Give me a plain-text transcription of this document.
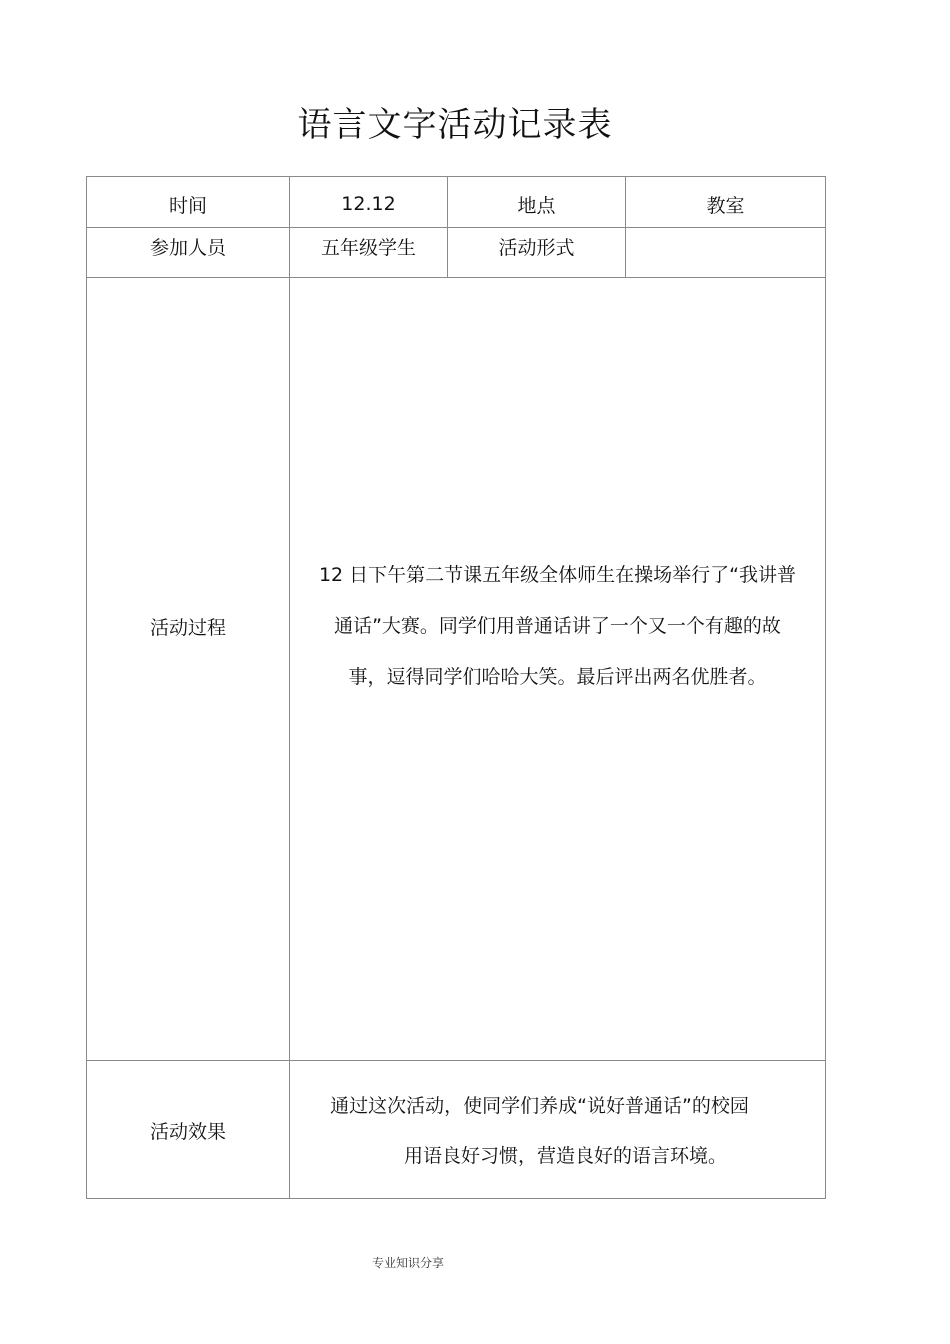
语言文字活动记录表
时间	12.12	地点	教室
参加人员	五年级学生	活动形式	
活动过程	12 日下午第二节课五年级全体师生在操场举行了“我讲普
通话”大赛。同学们用普通话讲了一个又一个有趣的故
事，逗得同学们哈哈大笑。最后评出两名优胜者。		

活动效果	通过这次活动，使同学们养成“说好普通话”的校园
用语良好习惯，营造良好的语言环境。		
专业知识分享
